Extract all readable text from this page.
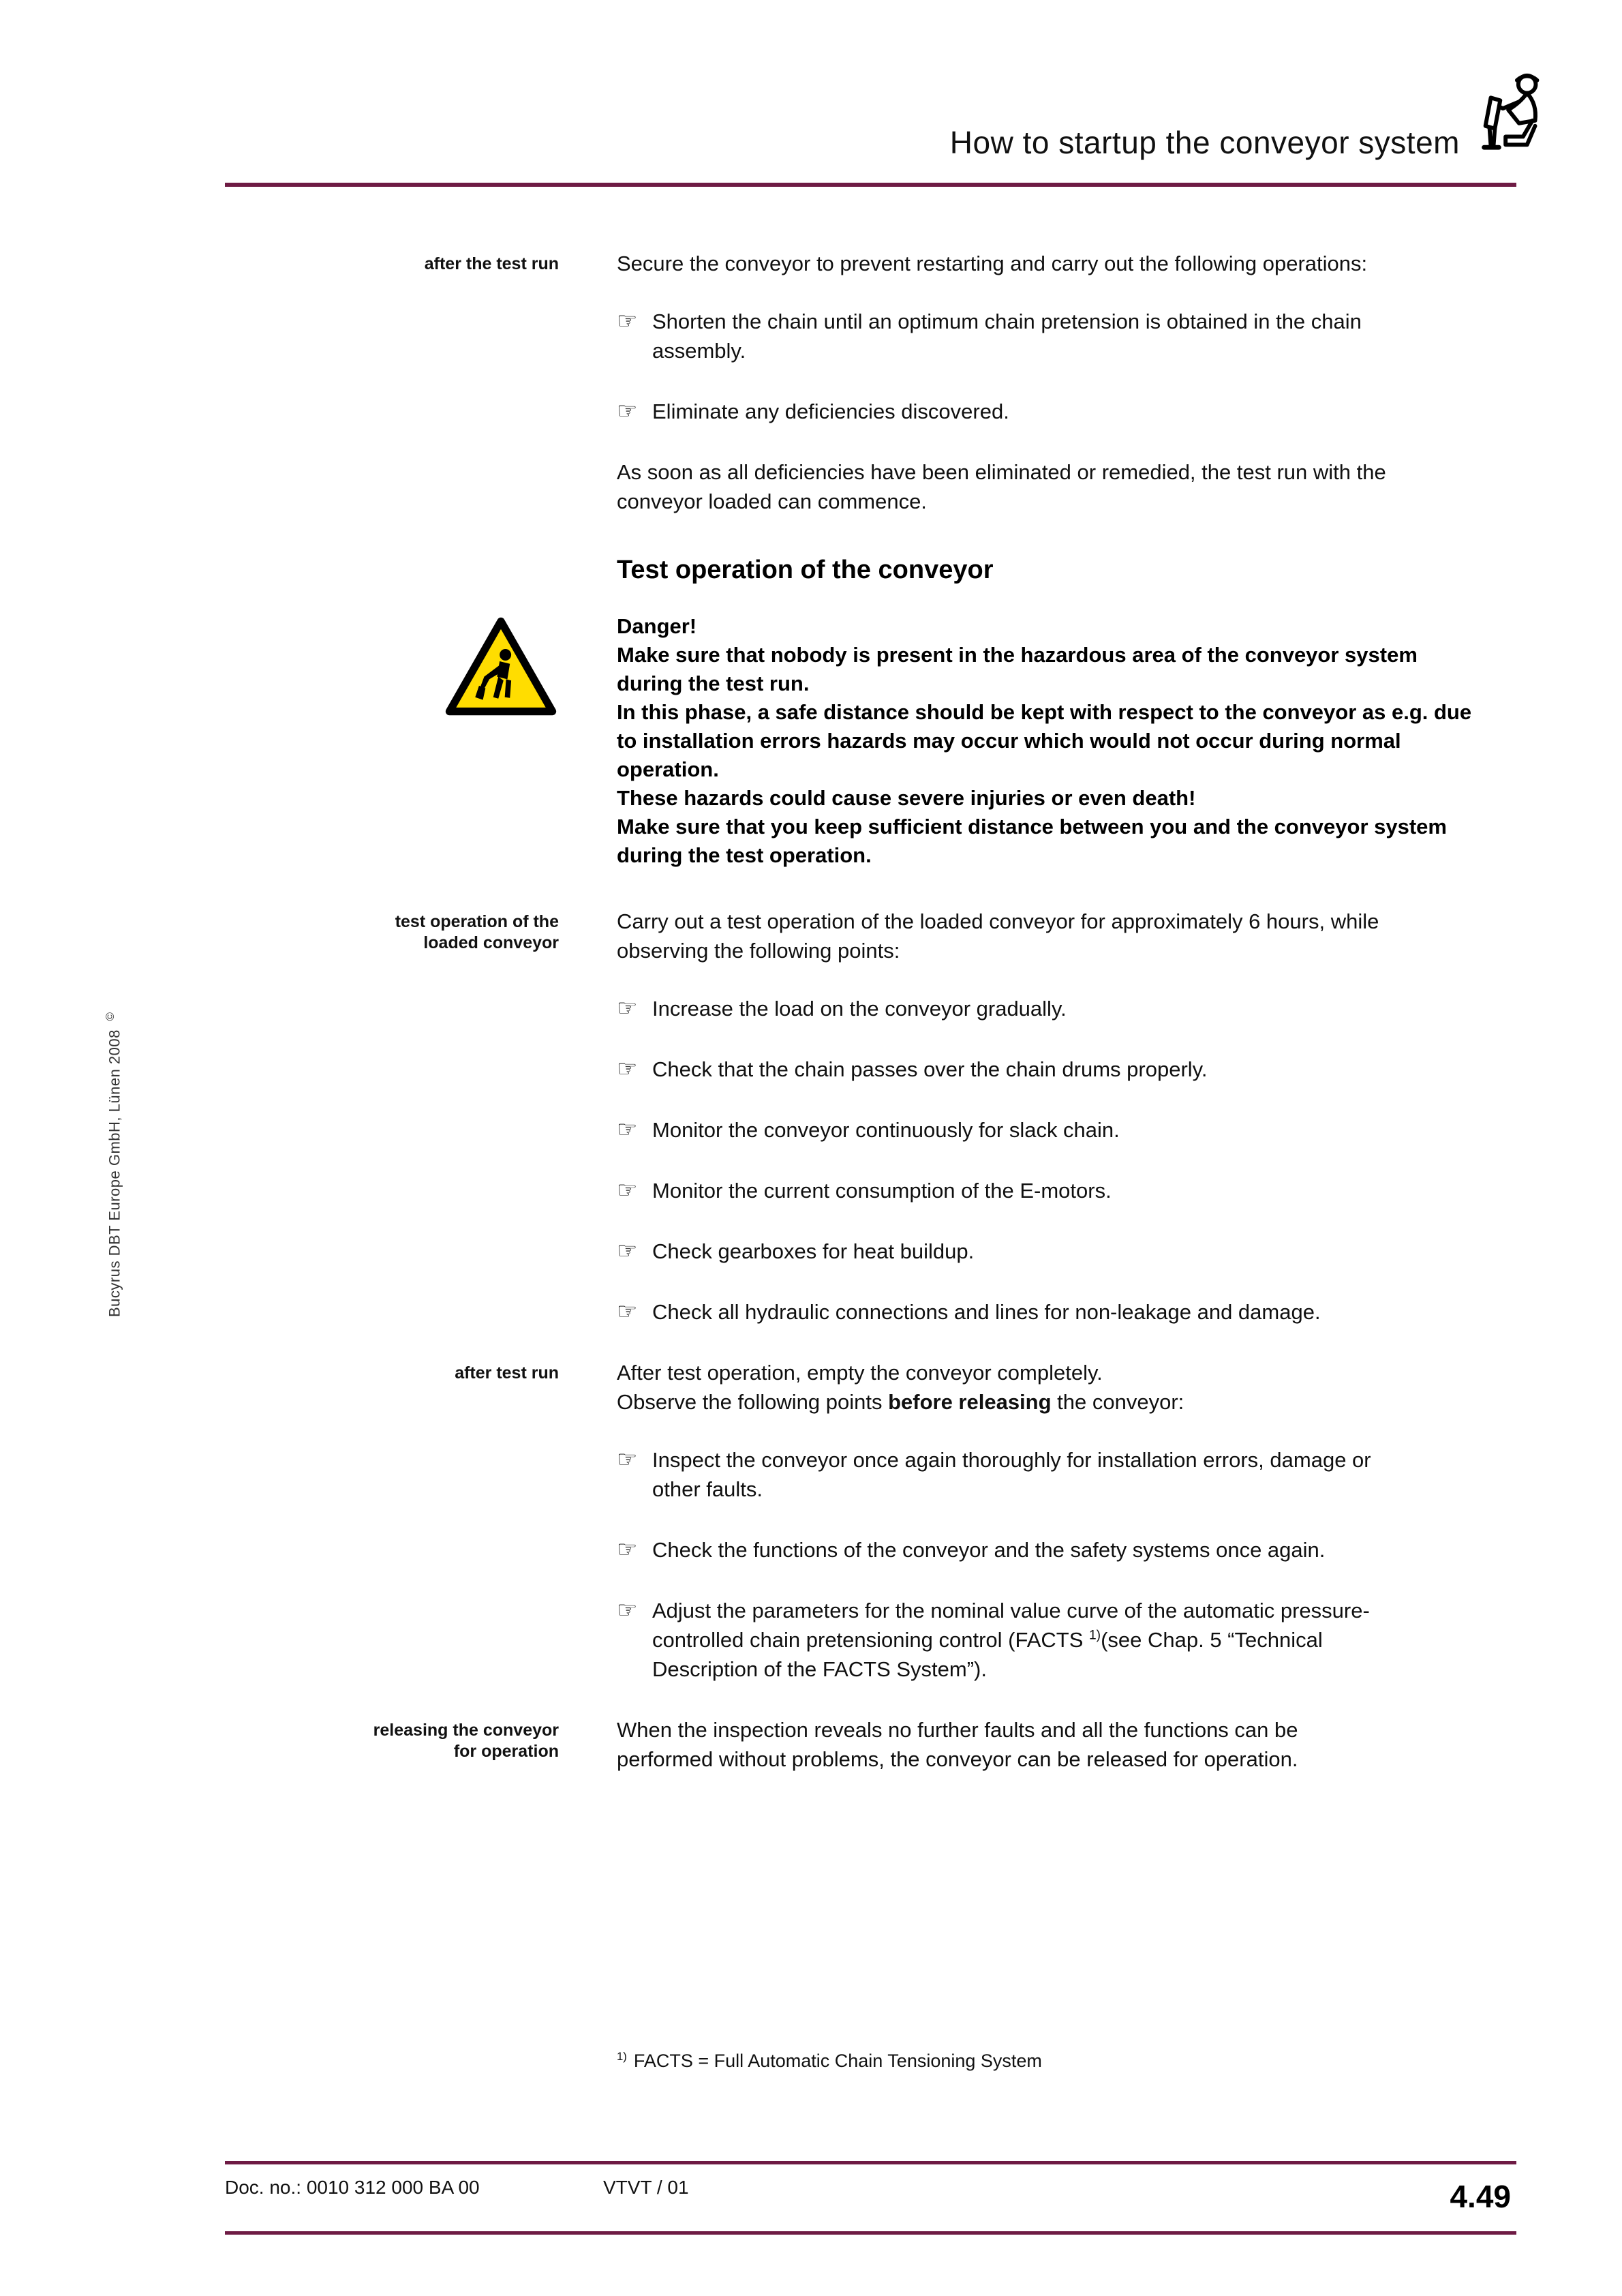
Bucyrus DBT Europe GmbH, Lünen 2008 ©
How to startup the conveyor system
after the test run	Secure the conveyor to prevent restarting and carry out the following operations:

☞ Shorten the chain until an optimum chain pretension is obtained in the chain assembly.
☞ Eliminate any deficiencies discovered.

As soon as all deficiencies have been eliminated or remedied, the test run with the conveyor loaded can commence.

Test operation of the conveyor

Danger!

Make sure that nobody is present in the hazardous area of the conveyor system during the test run.

In this phase, a safe distance should be kept with respect to the conveyor as e.g. due to installation errors hazards may occur which would not occur during normal operation.

These hazards could cause severe injuries or even death!

Make sure that you keep sufficient distance between you and the conveyor system during the test operation.

test operation of the
loaded conveyor

Carry out a test operation of the loaded conveyor for approximately 6 hours, while observing the following points:

☞ Increase the load on the conveyor gradually.
☞ Check that the chain passes over the chain drums properly.
☞ Monitor the conveyor continuously for slack chain.
☞ Monitor the current consumption of the E-motors.
☞ Check gearboxes for heat buildup.
☞ Check all hydraulic connections and lines for non-leakage and damage.
after test run	After test operation, empty the conveyor completely.

Observe the following points before releasing the conveyor:

☞ Inspect the conveyor once again thoroughly for installation errors, damage or other faults.
☞ Check the functions of the conveyor and the safety systems once again.
☞ Adjust the parameters for the nominal value curve of the automatic pressure-controlled chain pretensioning control (FACTS $^{1)}$(see Chap. 5 “Technical Description of the FACTS System”).
releasing the conveyor
for operation

When the inspection reveals no further faults and all the functions can be performed without problems, the conveyor can be released for operation.

$^{1)}$ FACTS = Full Automatic Chain Tensioning System
Doc. no.: 0010 312 000 BA 00	VTVT / 01	4.49
